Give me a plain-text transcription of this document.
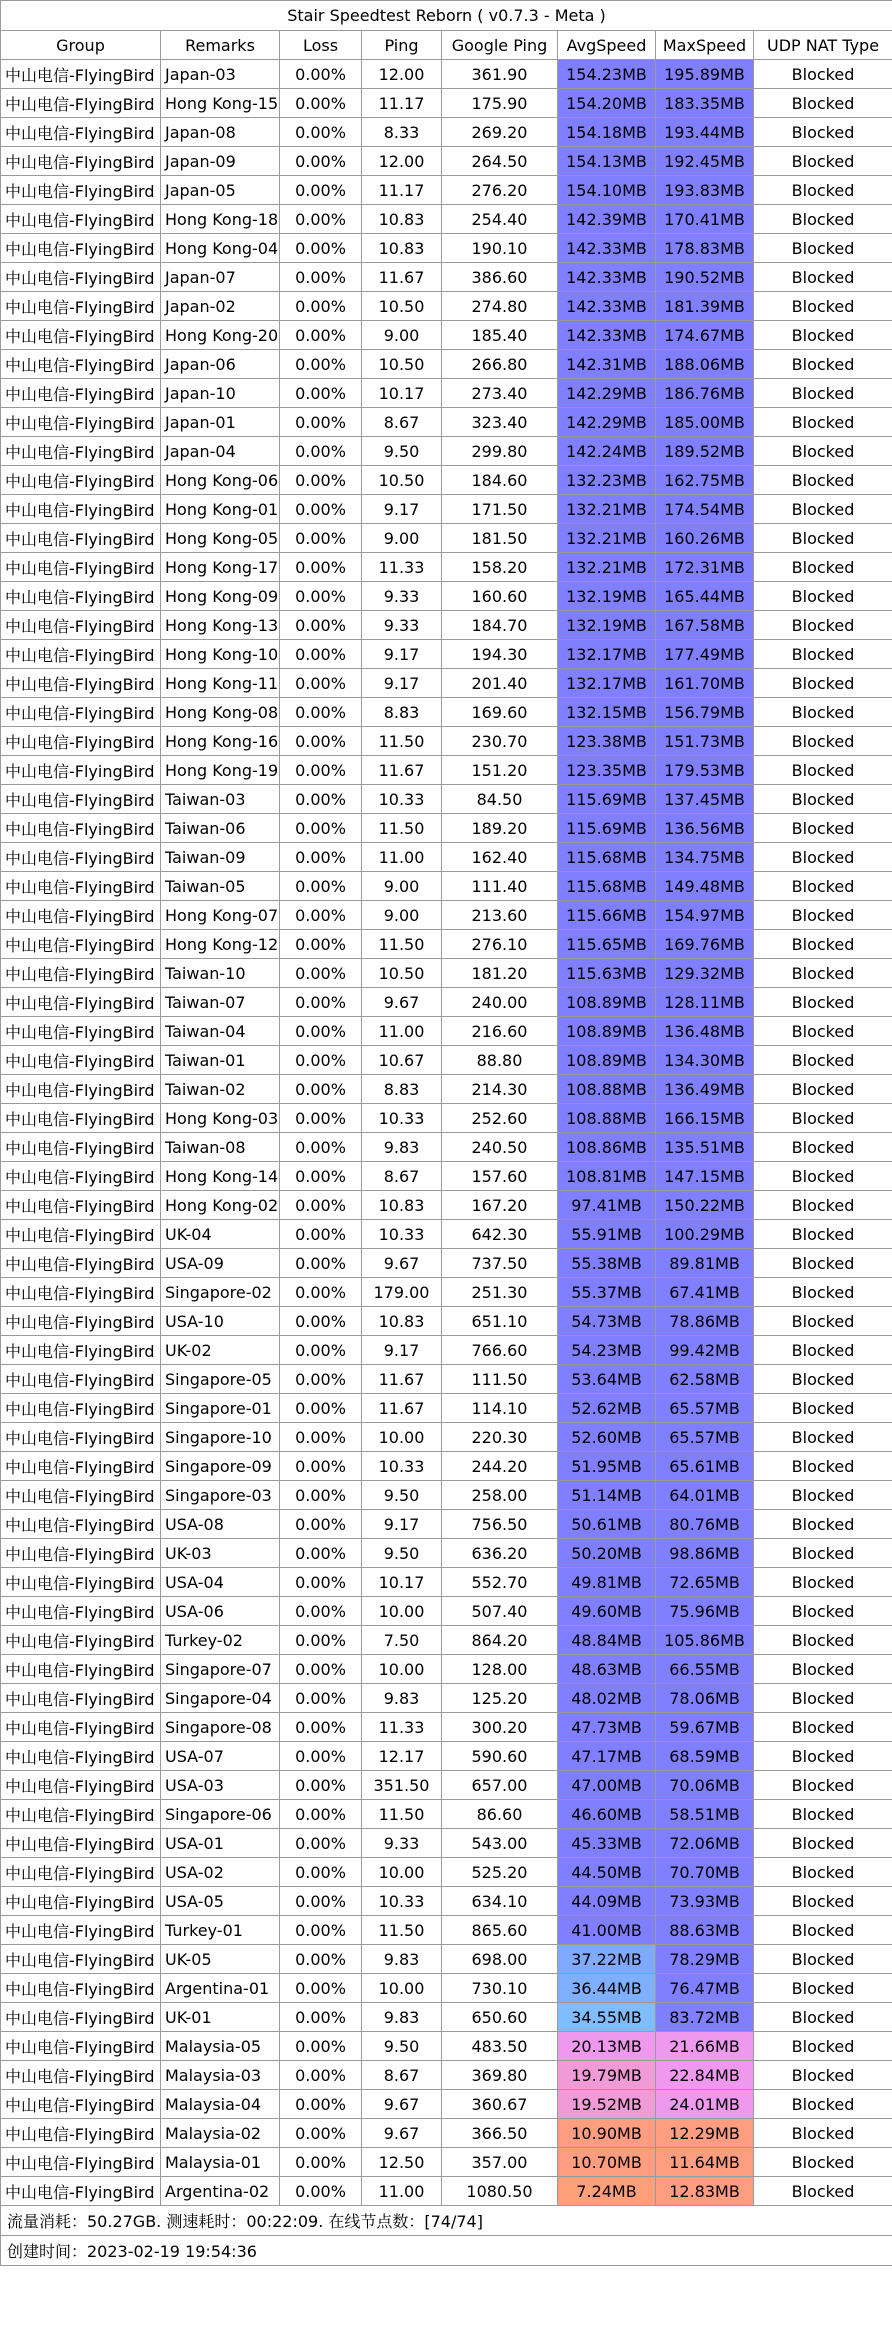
Stair Speedtest Reborn ( v0.7.3 - Meta )							
Group	Remarks	Loss	Ping	Google Ping	AvgSpeed	MaxSpeed	UDP NAT Type
中山电信-FlyingBird	Japan-03	0.00%	12.00	361.90	154.23MB	195.89MB	Blocked
中山电信-FlyingBird	Hong Kong-15	0.00%	11.17	175.90	154.20MB	183.35MB	Blocked
中山电信-FlyingBird	Japan-08	0.00%	8.33	269.20	154.18MB	193.44MB	Blocked
中山电信-FlyingBird	Japan-09	0.00%	12.00	264.50	154.13MB	192.45MB	Blocked
中山电信-FlyingBird	Japan-05	0.00%	11.17	276.20	154.10MB	193.83MB	Blocked
中山电信-FlyingBird	Hong Kong-18	0.00%	10.83	254.40	142.39MB	170.41MB	Blocked
中山电信-FlyingBird	Hong Kong-04	0.00%	10.83	190.10	142.33MB	178.83MB	Blocked
中山电信-FlyingBird	Japan-07	0.00%	11.67	386.60	142.33MB	190.52MB	Blocked
中山电信-FlyingBird	Japan-02	0.00%	10.50	274.80	142.33MB	181.39MB	Blocked
中山电信-FlyingBird	Hong Kong-20	0.00%	9.00	185.40	142.33MB	174.67MB	Blocked
中山电信-FlyingBird	Japan-06	0.00%	10.50	266.80	142.31MB	188.06MB	Blocked
中山电信-FlyingBird	Japan-10	0.00%	10.17	273.40	142.29MB	186.76MB	Blocked
中山电信-FlyingBird	Japan-01	0.00%	8.67	323.40	142.29MB	185.00MB	Blocked
中山电信-FlyingBird	Japan-04	0.00%	9.50	299.80	142.24MB	189.52MB	Blocked
中山电信-FlyingBird	Hong Kong-06	0.00%	10.50	184.60	132.23MB	162.75MB	Blocked
中山电信-FlyingBird	Hong Kong-01	0.00%	9.17	171.50	132.21MB	174.54MB	Blocked
中山电信-FlyingBird	Hong Kong-05	0.00%	9.00	181.50	132.21MB	160.26MB	Blocked
中山电信-FlyingBird	Hong Kong-17	0.00%	11.33	158.20	132.21MB	172.31MB	Blocked
中山电信-FlyingBird	Hong Kong-09	0.00%	9.33	160.60	132.19MB	165.44MB	Blocked
中山电信-FlyingBird	Hong Kong-13	0.00%	9.33	184.70	132.19MB	167.58MB	Blocked
中山电信-FlyingBird	Hong Kong-10	0.00%	9.17	194.30	132.17MB	177.49MB	Blocked
中山电信-FlyingBird	Hong Kong-11	0.00%	9.17	201.40	132.17MB	161.70MB	Blocked
中山电信-FlyingBird	Hong Kong-08	0.00%	8.83	169.60	132.15MB	156.79MB	Blocked
中山电信-FlyingBird	Hong Kong-16	0.00%	11.50	230.70	123.38MB	151.73MB	Blocked
中山电信-FlyingBird	Hong Kong-19	0.00%	11.67	151.20	123.35MB	179.53MB	Blocked
中山电信-FlyingBird	Taiwan-03	0.00%	10.33	84.50	115.69MB	137.45MB	Blocked
中山电信-FlyingBird	Taiwan-06	0.00%	11.50	189.20	115.69MB	136.56MB	Blocked
中山电信-FlyingBird	Taiwan-09	0.00%	11.00	162.40	115.68MB	134.75MB	Blocked
中山电信-FlyingBird	Taiwan-05	0.00%	9.00	111.40	115.68MB	149.48MB	Blocked
中山电信-FlyingBird	Hong Kong-07	0.00%	9.00	213.60	115.66MB	154.97MB	Blocked
中山电信-FlyingBird	Hong Kong-12	0.00%	11.50	276.10	115.65MB	169.76MB	Blocked
中山电信-FlyingBird	Taiwan-10	0.00%	10.50	181.20	115.63MB	129.32MB	Blocked
中山电信-FlyingBird	Taiwan-07	0.00%	9.67	240.00	108.89MB	128.11MB	Blocked
中山电信-FlyingBird	Taiwan-04	0.00%	11.00	216.60	108.89MB	136.48MB	Blocked
中山电信-FlyingBird	Taiwan-01	0.00%	10.67	88.80	108.89MB	134.30MB	Blocked
中山电信-FlyingBird	Taiwan-02	0.00%	8.83	214.30	108.88MB	136.49MB	Blocked
中山电信-FlyingBird	Hong Kong-03	0.00%	10.33	252.60	108.88MB	166.15MB	Blocked
中山电信-FlyingBird	Taiwan-08	0.00%	9.83	240.50	108.86MB	135.51MB	Blocked
中山电信-FlyingBird	Hong Kong-14	0.00%	8.67	157.60	108.81MB	147.15MB	Blocked
中山电信-FlyingBird	Hong Kong-02	0.00%	10.83	167.20	97.41MB	150.22MB	Blocked
中山电信-FlyingBird	UK-04	0.00%	10.33	642.30	55.91MB	100.29MB	Blocked
中山电信-FlyingBird	USA-09	0.00%	9.67	737.50	55.38MB	89.81MB	Blocked
中山电信-FlyingBird	Singapore-02	0.00%	179.00	251.30	55.37MB	67.41MB	Blocked
中山电信-FlyingBird	USA-10	0.00%	10.83	651.10	54.73MB	78.86MB	Blocked
中山电信-FlyingBird	UK-02	0.00%	9.17	766.60	54.23MB	99.42MB	Blocked
中山电信-FlyingBird	Singapore-05	0.00%	11.67	111.50	53.64MB	62.58MB	Blocked
中山电信-FlyingBird	Singapore-01	0.00%	11.67	114.10	52.62MB	65.57MB	Blocked
中山电信-FlyingBird	Singapore-10	0.00%	10.00	220.30	52.60MB	65.57MB	Blocked
中山电信-FlyingBird	Singapore-09	0.00%	10.33	244.20	51.95MB	65.61MB	Blocked
中山电信-FlyingBird	Singapore-03	0.00%	9.50	258.00	51.14MB	64.01MB	Blocked
中山电信-FlyingBird	USA-08	0.00%	9.17	756.50	50.61MB	80.76MB	Blocked
中山电信-FlyingBird	UK-03	0.00%	9.50	636.20	50.20MB	98.86MB	Blocked
中山电信-FlyingBird	USA-04	0.00%	10.17	552.70	49.81MB	72.65MB	Blocked
中山电信-FlyingBird	USA-06	0.00%	10.00	507.40	49.60MB	75.96MB	Blocked
中山电信-FlyingBird	Turkey-02	0.00%	7.50	864.20	48.84MB	105.86MB	Blocked
中山电信-FlyingBird	Singapore-07	0.00%	10.00	128.00	48.63MB	66.55MB	Blocked
中山电信-FlyingBird	Singapore-04	0.00%	9.83	125.20	48.02MB	78.06MB	Blocked
中山电信-FlyingBird	Singapore-08	0.00%	11.33	300.20	47.73MB	59.67MB	Blocked
中山电信-FlyingBird	USA-07	0.00%	12.17	590.60	47.17MB	68.59MB	Blocked
中山电信-FlyingBird	USA-03	0.00%	351.50	657.00	47.00MB	70.06MB	Blocked
中山电信-FlyingBird	Singapore-06	0.00%	11.50	86.60	46.60MB	58.51MB	Blocked
中山电信-FlyingBird	USA-01	0.00%	9.33	543.00	45.33MB	72.06MB	Blocked
中山电信-FlyingBird	USA-02	0.00%	10.00	525.20	44.50MB	70.70MB	Blocked
中山电信-FlyingBird	USA-05	0.00%	10.33	634.10	44.09MB	73.93MB	Blocked
中山电信-FlyingBird	Turkey-01	0.00%	11.50	865.60	41.00MB	88.63MB	Blocked
中山电信-FlyingBird	UK-05	0.00%	9.83	698.00	37.22MB	78.29MB	Blocked
中山电信-FlyingBird	Argentina-01	0.00%	10.00	730.10	36.44MB	76.47MB	Blocked
中山电信-FlyingBird	UK-01	0.00%	9.83	650.60	34.55MB	83.72MB	Blocked
中山电信-FlyingBird	Malaysia-05	0.00%	9.50	483.50	20.13MB	21.66MB	Blocked
中山电信-FlyingBird	Malaysia-03	0.00%	8.67	369.80	19.79MB	22.84MB	Blocked
中山电信-FlyingBird	Malaysia-04	0.00%	9.67	360.67	19.52MB	24.01MB	Blocked
中山电信-FlyingBird	Malaysia-02	0.00%	9.67	366.50	10.90MB	12.29MB	Blocked
中山电信-FlyingBird	Malaysia-01	0.00%	12.50	357.00	10.70MB	11.64MB	Blocked
中山电信-FlyingBird	Argentina-02	0.00%	11.00	1080.50	7.24MB	12.83MB	Blocked
流量消耗：50.27GB. 测速耗时：00:22:09. 在线节点数：[74/74]							
创建时间：2023-02-19 19:54:36							
